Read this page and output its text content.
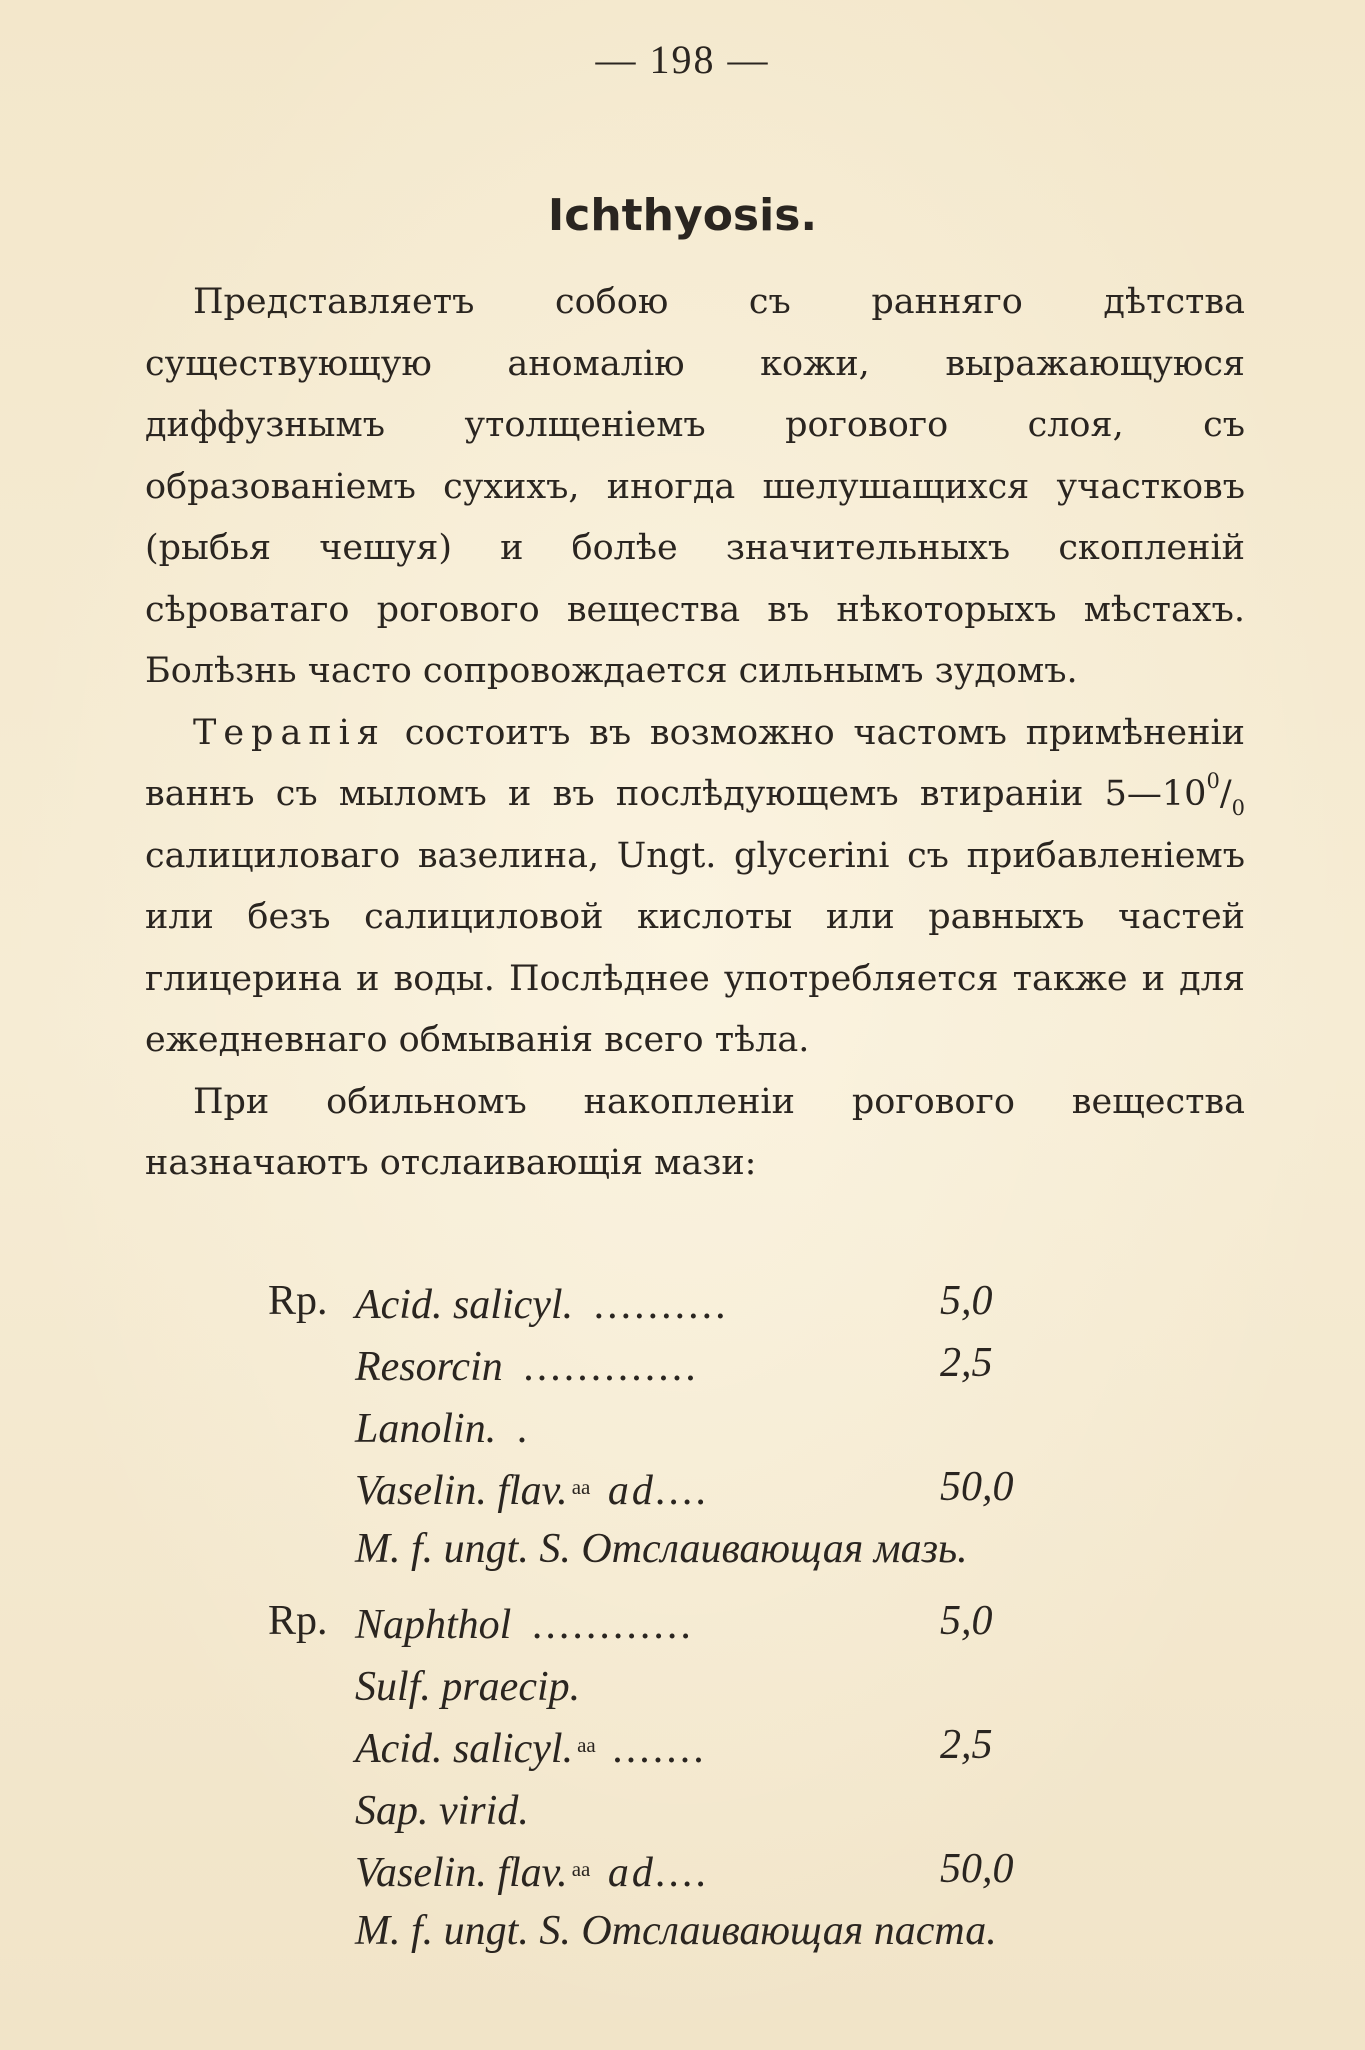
— 198 —
Ichthyosis.

Представляетъ собою съ ранняго дѣтства существующую аномалію кожи, выражающуюся диффузнымъ утолщеніемъ рогового слоя, съ образованіемъ сухихъ, иногда шелушащихся участковъ (рыбья чешуя) и болѣе значительныхъ скопленій сѣроватаго рогового вещества въ нѣкоторыхъ мѣстахъ. Болѣзнь часто сопровождается сильнымъ зудомъ.

Терапія состоитъ въ возможно частомъ примѣненіи ваннъ съ мыломъ и въ послѣдующемъ втираніи $5—10^0/_0$ салициловаго вазелина, Ungt. glycerini съ прибавленіемъ или безъ салициловой кислоты или равныхъ частей глицерина и воды. Послѣднее употребляется также и для ежедневнаго обмыванія всего тѣла.

При обильномъ накопленіи рогового вещества назначаютъ отслаивающія мази:

Rp. Acid. salicyl. ..........	5,0
Resorcin .............	2,5
Lanolin. .
Vaselin. flav. $^{aa}$ ad....	50,0
M. f. ungt. S. Отслаивающая мазь.
Rp. Naphthol ............	5,0
Sulf. praecip.
Acid. salicyl. $^{aa}$ .......	2,5
Sap. virid.
Vaselin. flav. $^{aa}$ ad....	50,0
M. f. ungt. S. Отслаивающая паста.
